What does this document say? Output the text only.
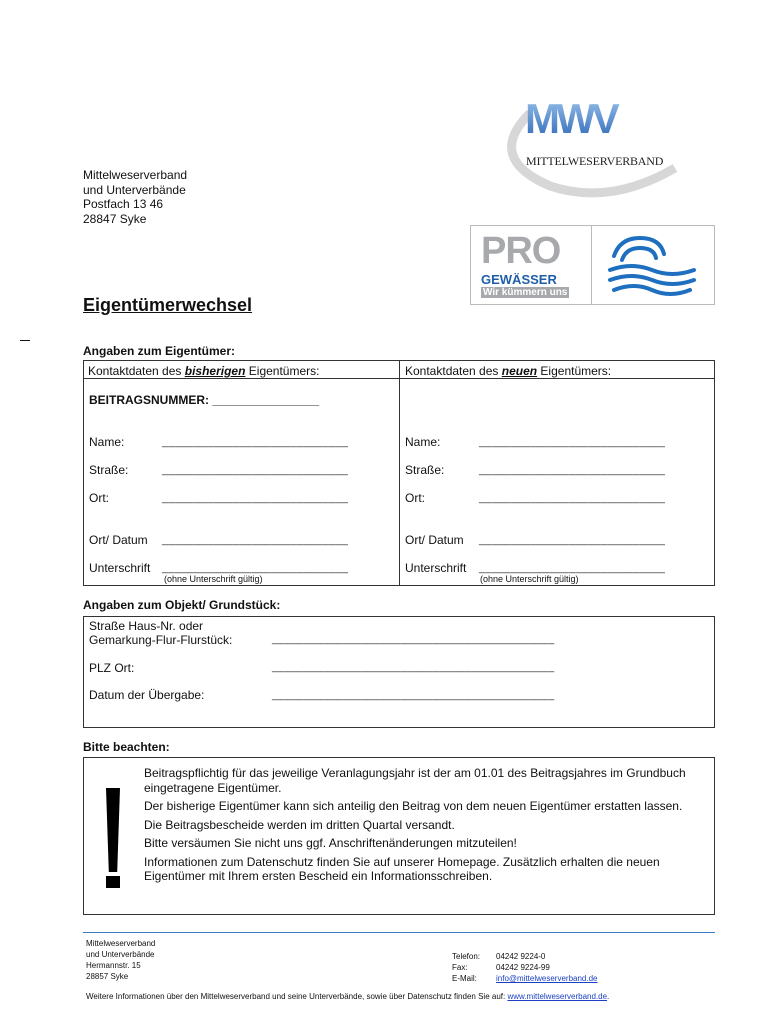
MWV
MITTELWESERVERBAND
PRO
GEWÄSSER
Wir kümmern uns
Mittelweserverband
und Unterverbände
Postfach 13 46
28847 Syke
Eigentümerwechsel
Angaben zum Eigentümer:
Kontaktdaten des bisherigen Eigentümers:	Kontaktdaten des neuen Eigentümers:
BEITRAGSNUMMER: ________________
Name:	_____________________________
Straße:	_____________________________
Ort:	_____________________________
Ort/ Datum _____________________________
Unterschrift _____________________________
(ohne Unterschrift gültig)
Name:	_____________________________
Straße:	_____________________________
Ort:	_____________________________
Ort/ Datum _____________________________
Unterschrift _____________________________
(ohne Unterschrift gültig)
Angaben zum Objekt/ Grundstück:
Straße Haus-Nr. oder
Gemarkung-Flur-Flurstück:	____________________________________________
PLZ Ort:	____________________________________________
Datum der Übergabe:	____________________________________________
Bitte beachten:

Beitragspflichtig für das jeweilige Veranlagungsjahr ist der am 01.01 des Beitragsjahres im Grundbuch eingetragene Eigentümer.

Der bisherige Eigentümer kann sich anteilig den Beitrag von dem neuen Eigentümer erstatten lassen.

Die Beitragsbescheide werden im dritten Quartal versandt.

Bitte versäumen Sie nicht uns ggf. Anschriftenänderungen mitzuteilen!

Informationen zum Datenschutz finden Sie auf unserer Homepage. Zusätzlich erhalten die neuen Eigentümer mit Ihrem ersten Bescheid ein Informationsschreiben.

Mittelweserverband
und Unterverbände
Hermannstr. 15
28857 Syke
Telefon: 04242 9224-0
Fax:	04242 9224-99
E-Mail: info@mittelweserverband.de
Weitere Informationen über den Mittelweserverband und seine Unterverbände, sowie über Datenschutz finden Sie auf: www.mittelweserverband.de.
